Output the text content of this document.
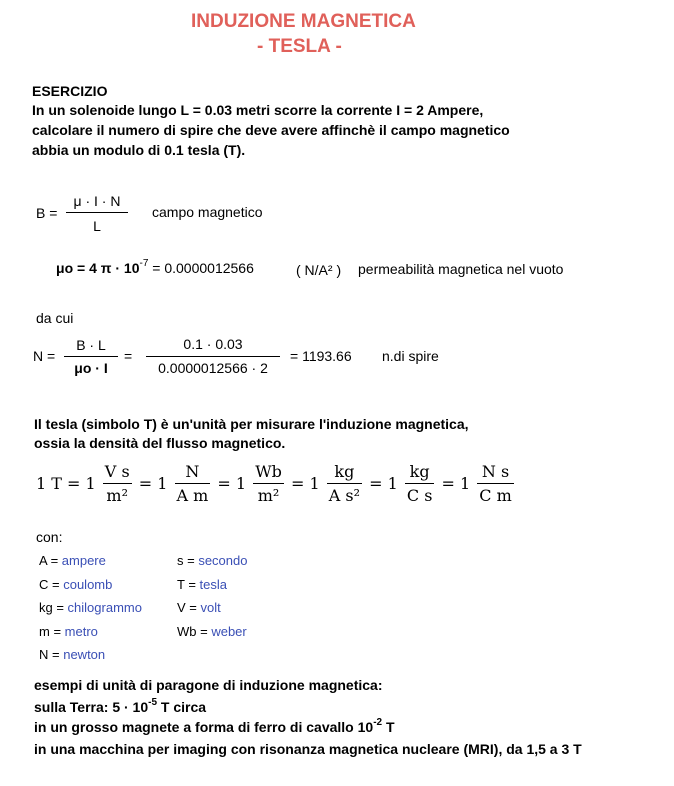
INDUZIONE MAGNETICA
- TESLA -
ESERCIZIO
In un solenoide lungo L = 0.03 metri scorre la corrente I = 2 Ampere,
calcolare il numero di spire che deve avere affinchè il campo magnetico
abbia un modulo di 0.1 tesla (T).
$B = \frac{\mu \cdot I \cdot N}{L}$ campo magnetico
μo = 4 $\pi \cdot 10^{-7} = 0.0000012566$	( N/A² ) permeabilità magnetica nel vuoto
da cui
$N = \frac{B \cdot L}{\mu o \cdot I} = \frac{0.1 \cdot 0.03}{0.0000012566 \cdot 2} = 1193.66$ n.di spire
Il tesla (simbolo T) è un'unità per misurare l'induzione magnetica,
ossia la densità del flusso magnetico.
1 $T = 1 \frac{\text{V s}}{\text{m²}} = 1 \frac{N}{\text{A m}} = 1 \frac{Wb}{\text{m²}} = 1 \frac{kg}{\text{A s²}} = 1 \frac{kg}{\text{C s}} = 1 \frac{\text{N s}}{\text{C m}}$
con:
A = ampere
C = coulomb
kg = chilogrammo
m = metro
N = newton
s = secondo
T = tesla
V = volt
Wb = weber
esempi di unità di paragone di induzione magnetica:
sulla Terra: $5 \cdot 10^{-5}$ T circa
in un grosso magnete a forma di ferro di cavallo $10^{-2}$ T
in una macchina per imaging con risonanza magnetica nucleare (MRI), da 1,5 a 3 T
